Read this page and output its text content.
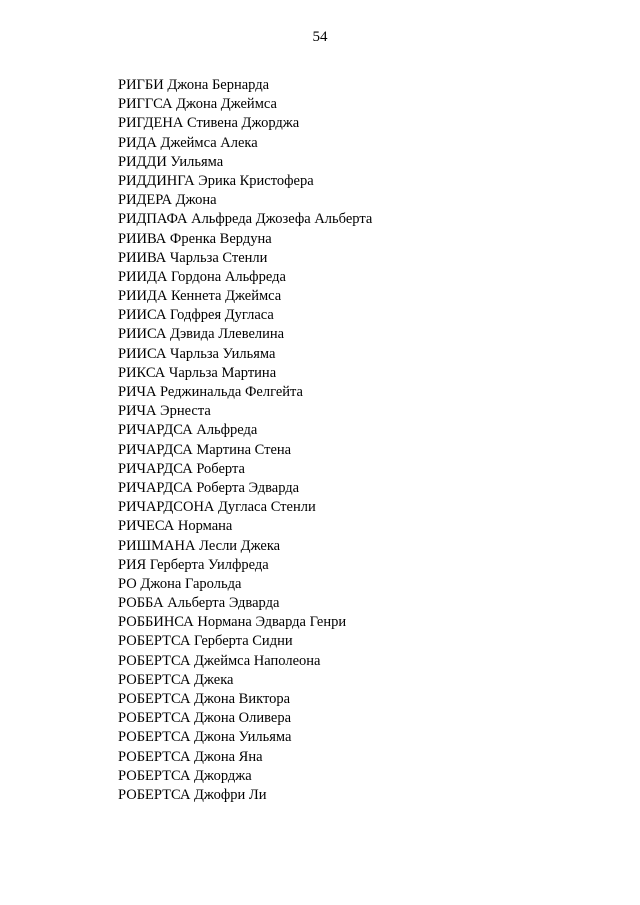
54
РИГБИ Джона Бернарда
РИГГСА Джона Джеймса
РИГДЕНА Стивена Джорджа
РИДА Джеймса Алека
РИДДИ Уильяма
РИДДИНГА Эрика Кристофера
РИДЕРА Джона
РИДПАФА Альфреда Джозефа Альберта
РИИВА Френка Вердуна
РИИВА Чарльза Стенли
РИИДА Гордона Альфреда
РИИДА Кеннета Джеймса
РИИСА Годфрея Дугласа
РИИСА Дэвида Ллевелина
РИИСА Чарльза Уильяма
РИКСА Чарльза Мартина
РИЧА Реджинальда Фелгейта
РИЧА Эрнеста
РИЧАРДСА Альфреда
РИЧАРДСА Мартина Стена
РИЧАРДСА Роберта
РИЧАРДСА Роберта Эдварда
РИЧАРДСОНА Дугласа Стенли
РИЧЕСА Нормана
РИШМАНА Лесли Джека
РИЯ Герберта Уилфреда
РО Джона Гарольда
РОББА Альберта Эдварда
РОББИНСА Нормана Эдварда Генри
РОБЕРТСА Герберта Сидни
РОБЕРТСА Джеймса Наполеона
РОБЕРТСА Джека
РОБЕРТСА Джона Виктора
РОБЕРТСА Джона Оливера
РОБЕРТСА Джона Уильяма
РОБЕРТСА Джона Яна
РОБЕРТСА Джорджа
РОБЕРТСА Джофри Ли
